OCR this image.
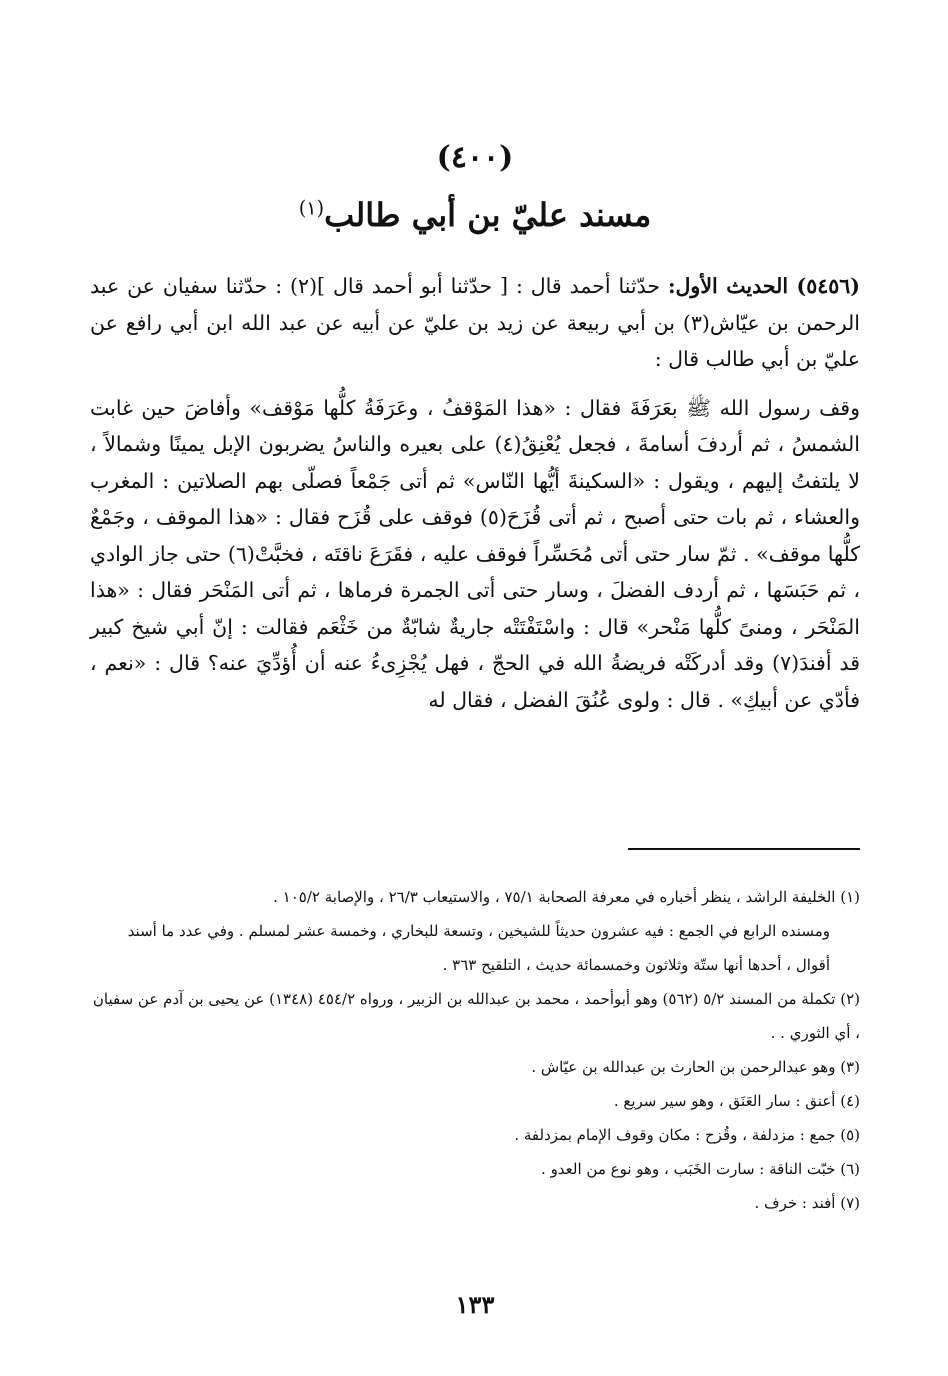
(٤٠٠)
مسند عليّ بن أبي طالب$^{(١)}$

(٥٤٥٦) الحديث الأول: حدّثنا أحمد قال : [ حدّثنا أبو أحمد قال ](٢) : حدّثنا سفيان عن عبد الرحمن بن عيّاش(٣) بن أبي ربيعة عن زيد بن عليّ عن أبيه عن عبد الله ابن أبي رافع عن عليّ بن أبي طالب قال :

وقف رسول الله ﷺ بعَرَفَةَ فقال : «هذا المَوْقفُ ، وعَرَفَةُ كلُّها مَوْقف» وأفاضَ حين غابت الشمسُ ، ثم أردفَ أسامةَ ، فجعل يُعْنِقُ(٤) على بعيره والناسُ يضربون الإبل يمينًا وشمالاً ، لا يلتفتُ إليهم ، ويقول : «السكينةَ أيُّها النّاس» ثم أتى جَمْعاً فصلّى بهم الصلاتين : المغرب والعشاء ، ثم بات حتى أصبح ، ثم أتى قُزَحَ(٥) فوقف على قُزَح فقال : «هذا الموقف ، وجَمْعٌ كلُّها موقف» . ثمّ سار حتى أتى مُحَسِّراً فوقف عليه ، فقَرَعَ ناقتَه ، فخبَّتْ(٦) حتى جاز الوادي ، ثم حَبَسَها ، ثم أردف الفضلَ ، وسار حتى أتى الجمرة فرماها ، ثم أتى المَنْحَر فقال : «هذا المَنْحَر ، ومنىً كلُّها مَنْحر» قال : واسْتَفْتَتْه جاريةٌ شابّةٌ من خَثْعَم فقالت : إنّ أبي شيخ كبير قد أفندَ(٧) وقد أدركَتْه فريضةُ الله في الحجّ ، فهل يُجْزِىءُ عنه أن أُؤدِّيَ عنه؟ قال : «نعم ، فأدّي عن أبيكِ» . قال : ولوى عُنُقَ الفضل ، فقال له

(١) الخليفة الراشد ، ينظر أخباره في معرفة الصحابة ٧٥/١ ، والاستيعاب ٢٦/٣ ، والإصابة ١٠٥/٢ .

ومسنده الرابع في الجمع : فيه عشرون حديثاً للشيخين ، وتسعة للبخاري ، وخمسة عشر لمسلم . وفي عدد ما أسند أقوال ، أحدها أنها ستّة وثلاثون وخمسمائة حديث ، التلقيح ٣٦٣ .

(٢) تكملة من المسند ٥/٢ (٥٦٢) وهو أبوأحمد ، محمد بن عبدالله بن الزبير ، ورواه ٤٥٤/٢ (١٣٤٨) عن يحيى بن آدم عن سفيان ، أي الثوري . .

(٣) وهو عبدالرحمن بن الحارث بن عبدالله بن عيّاش .

(٤) أعنق : سار العَنَق ، وهو سير سريع .

(٥) جمع : مزدلفة ، وقُزح : مكان وقوف الإمام بمزدلفة .

(٦) خبّت الناقة : سارت الخَبَب ، وهو نوع من العدو .

(٧) أفند : خرف .

١٣٣
